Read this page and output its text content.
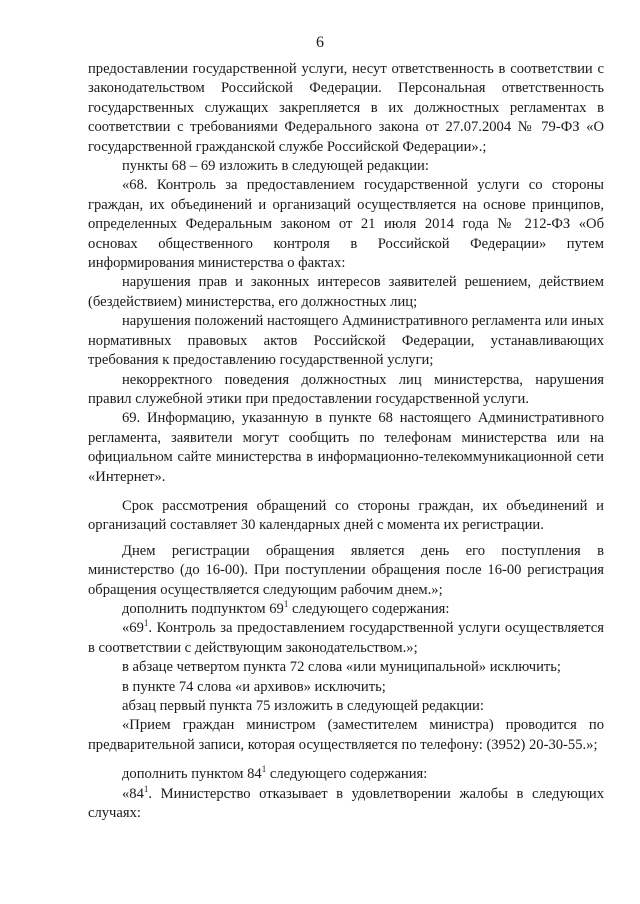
6

предоставлении государственной услуги, несут ответственность в соответствии с законодательством Российской Федерации. Персональная ответственность государственных служащих закрепляется в их должностных регламентах в соответствии с требованиями Федерального закона от 27.07.2004 № 79-ФЗ «О государственной гражданской службе Российской Федерации».;

пункты 68 – 69 изложить в следующей редакции:

«68. Контроль за предоставлением государственной услуги со стороны граждан, их объединений и организаций осуществляется на основе принципов, определенных Федеральным законом от 21 июля 2014 года № 212-ФЗ «Об основах общественного контроля в Российской Федерации» путем информирования министерства о фактах:

нарушения прав и законных интересов заявителей решением, действием (бездействием) министерства, его должностных лиц;

нарушения положений настоящего Административного регламента или иных нормативных правовых актов Российской Федерации, устанавливающих требования к предоставлению государственной услуги;

некорректного поведения должностных лиц министерства, нарушения правил служебной этики при предоставлении государственной услуги.

69. Информацию, указанную в пункте 68 настоящего Административного регламента, заявители могут сообщить по телефонам министерства или на официальном сайте министерства в информационно-телекоммуникационной сети «Интернет».

Срок рассмотрения обращений со стороны граждан, их объединений и организаций составляет 30 календарных дней с момента их регистрации.

Днем регистрации обращения является день его поступления в министерство (до 16-00). При поступлении обращения после 16-00 регистрация обращения осуществляется следующим рабочим днем.»;

дополнить подпунктом $69^1$ следующего содержания:

«$69^1$. Контроль за предоставлением государственной услуги осуществляется в соответствии с действующим законодательством.»;

в абзаце четвертом пункта 72 слова «или муниципальной» исключить;

в пункте 74 слова «и архивов» исключить;

абзац первый пункта 75 изложить в следующей редакции:

«Прием граждан министром (заместителем министра) проводится по предварительной записи, которая осуществляется по телефону: (3952) 20-30-55.»;

дополнить пунктом $84^1$ следующего содержания:

«$84^1$. Министерство отказывает в удовлетворении жалобы в следующих случаях:
